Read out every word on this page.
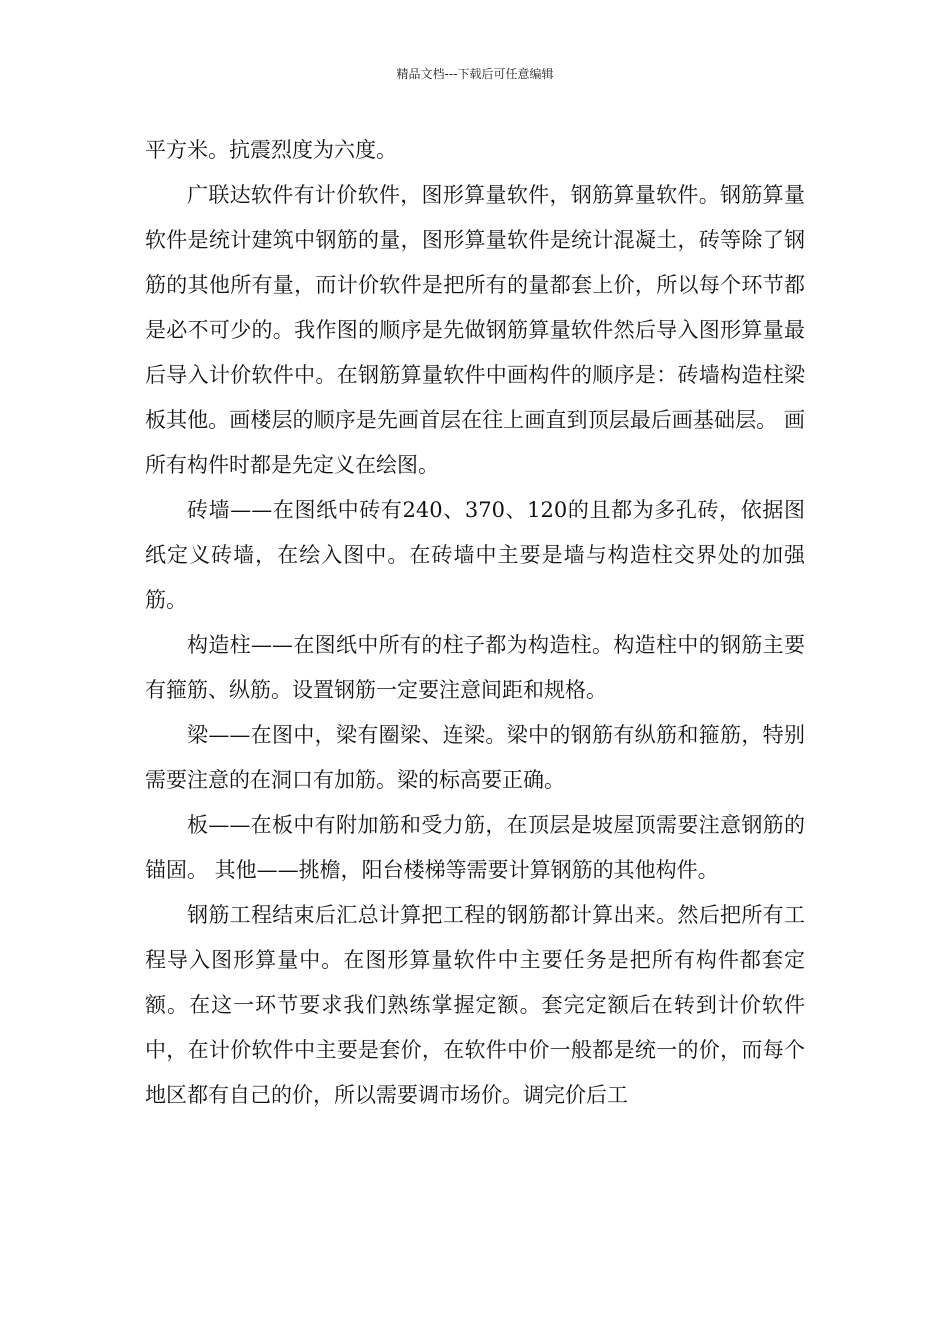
精品文档---下载后可任意编辑

平方米。抗震烈度为六度。

广联达软件有计价软件，图形算量软件，钢筋算量软件。钢筋算量软件是统计建筑中钢筋的量，图形算量软件是统计混凝土，砖等除了钢筋的其他所有量，而计价软件是把所有的量都套上价，所以每个环节都是必不可少的。我作图的顺序是先做钢筋算量软件然后导入图形算量最后导入计价软件中。在钢筋算量软件中画构件的顺序是：砖墙构造柱梁板其他。画楼层的顺序是先画首层在往上画直到顶层最后画基础层。 画所有构件时都是先定义在绘图。

砖墙——在图纸中砖有240、370、120的且都为多孔砖，依据图纸定义砖墙，在绘入图中。在砖墙中主要是墙与构造柱交界处的加强筋。

构造柱——在图纸中所有的柱子都为构造柱。构造柱中的钢筋主要有箍筋、纵筋。设置钢筋一定要注意间距和规格。

梁——在图中，梁有圈梁、连梁。梁中的钢筋有纵筋和箍筋，特别需要注意的在洞口有加筋。梁的标高要正确。

板——在板中有附加筋和受力筋，在顶层是坡屋顶需要注意钢筋的锚固。 其他——挑檐，阳台楼梯等需要计算钢筋的其他构件。

钢筋工程结束后汇总计算把工程的钢筋都计算出来。然后把所有工程导入图形算量中。在图形算量软件中主要任务是把所有构件都套定额。在这一环节要求我们熟练掌握定额。套完定额后在转到计价软件中，在计价软件中主要是套价，在软件中价一般都是统一的价，而每个地区都有自己的价，所以需要调市场价。调完价后工
